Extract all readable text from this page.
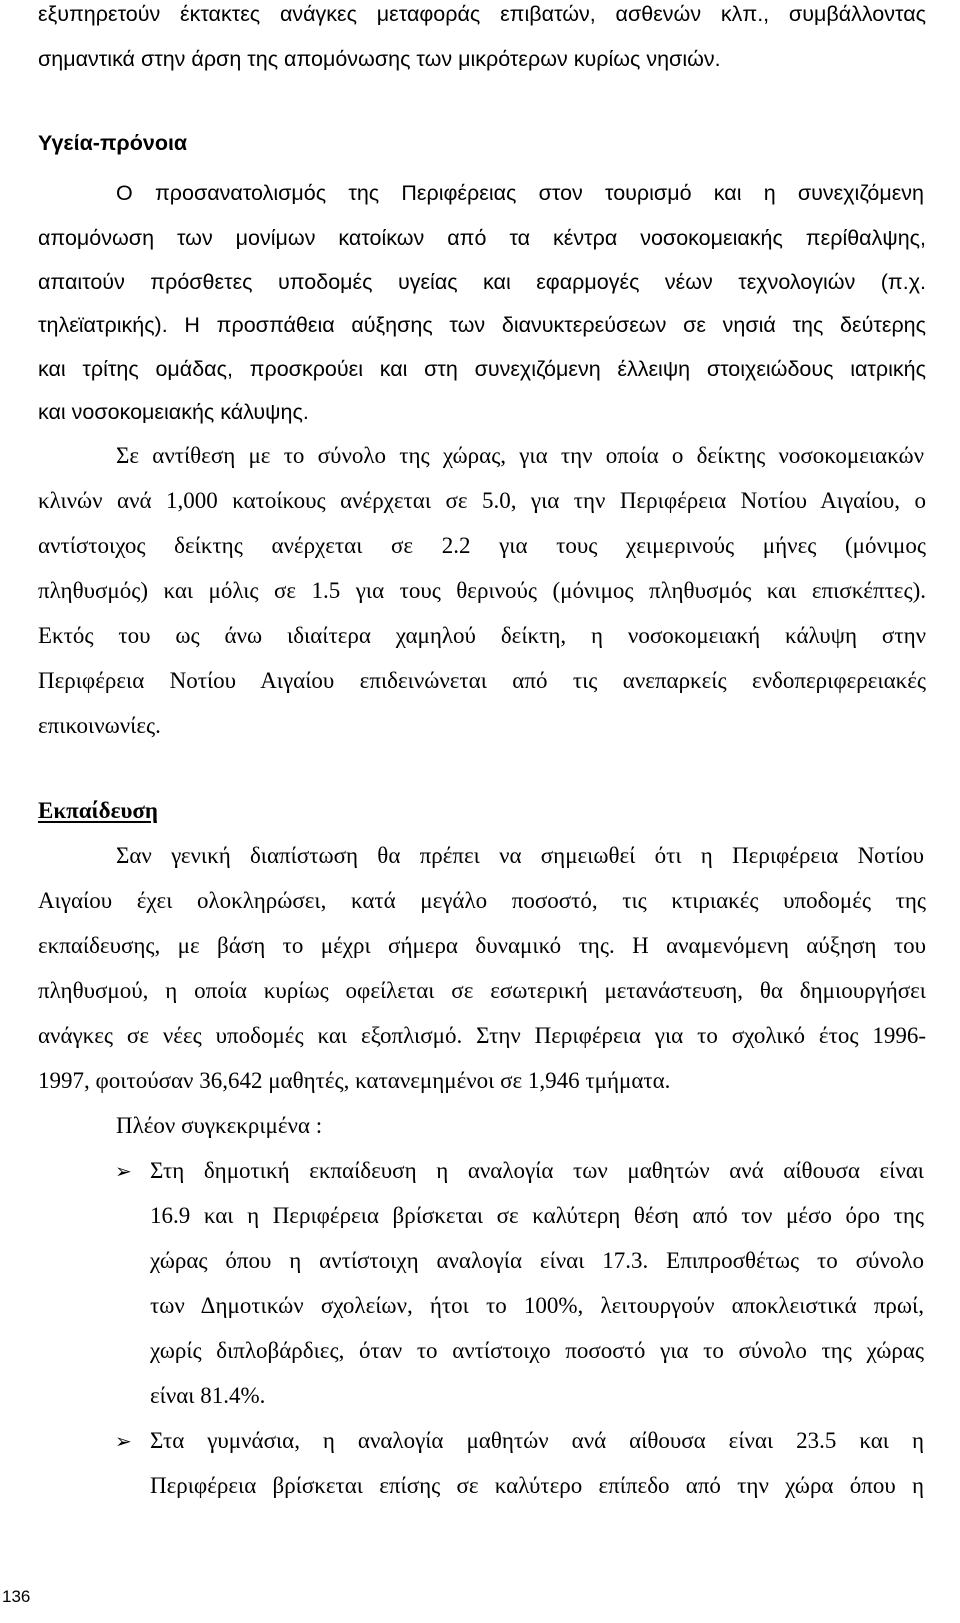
εξυπηρετούν έκτακτες ανάγκες μεταφοράς επιβατών, ασθενών κλπ., συμβάλλοντας

σημαντικά στην άρση της απομόνωσης των μικρότερων κυρίως νησιών.

Υγεία-πρόνοια

Ο προσανατολισμός της Περιφέρειας στον τουρισμό και η συνεχιζόμενη

απομόνωση των μονίμων κατοίκων από τα κέντρα νοσοκομειακής περίθαλψης,

απαιτούν πρόσθετες υποδομές υγείας και εφαρμογές νέων τεχνολογιών (π.χ.

τηλεϊατρικής). Η προσπάθεια αύξησης των διανυκτερεύσεων σε νησιά της δεύτερης

και τρίτης ομάδας, προσκρούει και στη συνεχιζόμενη έλλειψη στοιχειώδους ιατρικής

και νοσοκομειακής κάλυψης.

Σε αντίθεση με το σύνολο της χώρας, για την οποία ο δείκτης νοσοκομειακών

κλινών ανά 1,000 κατοίκους ανέρχεται σε 5.0, για την Περιφέρεια Νοτίου Αιγαίου, ο

αντίστοιχος δείκτης ανέρχεται σε 2.2 για τους χειμερινούς μήνες (μόνιμος

πληθυσμός) και μόλις σε 1.5 για τους θερινούς (μόνιμος πληθυσμός και επισκέπτες).

Εκτός του ως άνω ιδιαίτερα χαμηλού δείκτη, η νοσοκομειακή κάλυψη στην

Περιφέρεια Νοτίου Αιγαίου επιδεινώνεται από τις ανεπαρκείς ενδοπεριφερειακές

επικοινωνίες.

Εκπαίδευση

Σαν γενική διαπίστωση θα πρέπει να σημειωθεί ότι η Περιφέρεια Νοτίου

Αιγαίου έχει ολοκληρώσει, κατά μεγάλο ποσοστό, τις κτιριακές υποδομές της

εκπαίδευσης, με βάση το μέχρι σήμερα δυναμικό της. Η αναμενόμενη αύξηση του

πληθυσμού, η οποία κυρίως οφείλεται σε εσωτερική μετανάστευση, θα δημιουργήσει

ανάγκες σε νέες υποδομές και εξοπλισμό. Στην Περιφέρεια για το σχολικό έτος 1996-

1997, φοιτούσαν 36,642 μαθητές, κατανεμημένοι σε 1,946 τμήματα.

Πλέον συγκεκριμένα :

➢ Στη δημοτική εκπαίδευση η αναλογία των μαθητών ανά αίθουσα είναι

16.9 και η Περιφέρεια βρίσκεται σε καλύτερη θέση από τον μέσο όρο της

χώρας όπου η αντίστοιχη αναλογία είναι 17.3. Επιπροσθέτως το σύνολο

των Δημοτικών σχολείων, ήτοι το 100%, λειτουργούν αποκλειστικά πρωί,

χωρίς διπλοβάρδιες, όταν το αντίστοιχο ποσοστό για το σύνολο της χώρας

είναι 81.4%.

➢ Στα γυμνάσια, η αναλογία μαθητών ανά αίθουσα είναι 23.5 και η

Περιφέρεια βρίσκεται επίσης σε καλύτερο επίπεδο από την χώρα όπου η

136
